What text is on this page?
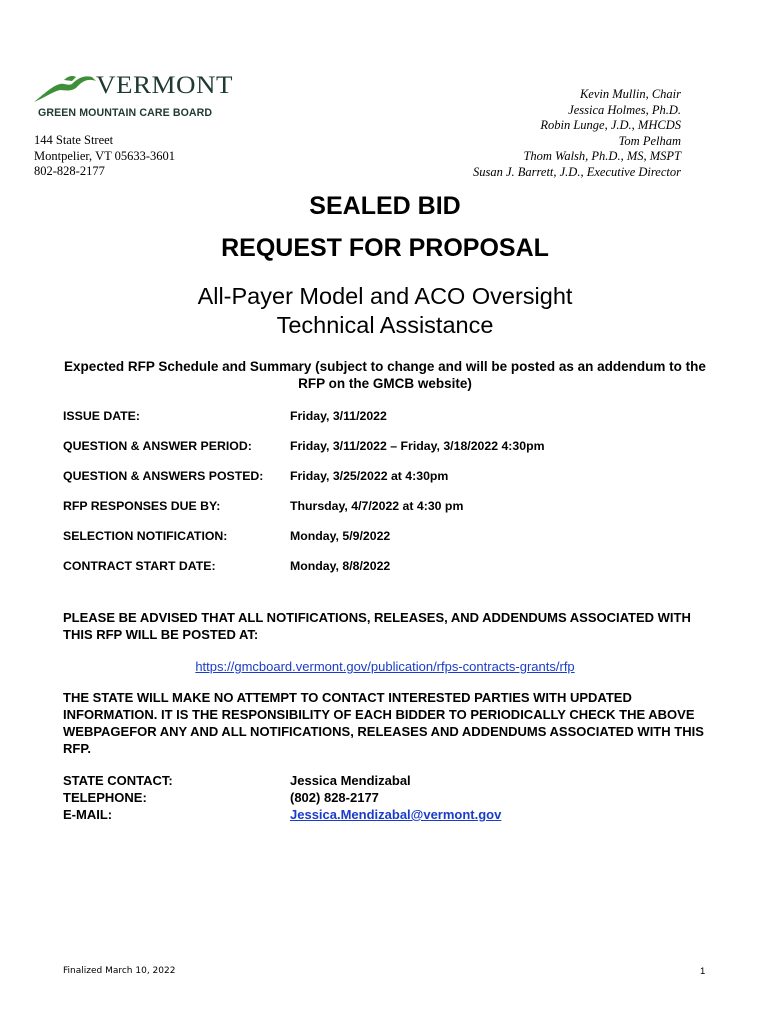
VERMONT
GREEN MOUNTAIN CARE BOARD
144 State Street
Montpelier, VT 05633-3601
802-828-2177
Kevin Mullin, Chair
Jessica Holmes, Ph.D.
Robin Lunge, J.D., MHCDS
Tom Pelham
Thom Walsh, Ph.D., MS, MSPT
Susan J. Barrett, J.D., Executive Director
SEALED BID
REQUEST FOR PROPOSAL
All-Payer Model and ACO Oversight
Technical Assistance
Expected RFP Schedule and Summary (subject to change and will be posted as an addendum to the RFP on the GMCB website)
ISSUE DATE:	Friday, 3/11/2022
QUESTION & ANSWER PERIOD:	Friday, 3/11/2022 – Friday, 3/18/2022 4:30pm
QUESTION & ANSWERS POSTED: Friday, 3/25/2022 at 4:30pm
RFP RESPONSES DUE BY:	Thursday, 4/7/2022 at 4:30 pm
SELECTION NOTIFICATION:	Monday, 5/9/2022
CONTRACT START DATE:	Monday, 8/8/2022
PLEASE BE ADVISED THAT ALL NOTIFICATIONS, RELEASES, AND ADDENDUMS ASSOCIATED WITH THIS RFP WILL BE POSTED AT:
https://gmcboard.vermont.gov/publication/rfps-contracts-grants/rfp
THE STATE WILL MAKE NO ATTEMPT TO CONTACT INTERESTED PARTIES WITH UPDATED INFORMATION. IT IS THE RESPONSIBILITY OF EACH BIDDER TO PERIODICALLY CHECK THE ABOVE WEBPAGEFOR ANY AND ALL NOTIFICATIONS, RELEASES AND ADDENDUMS ASSOCIATED WITH THIS RFP.
STATE CONTACT:	Jessica Mendizabal
TELEPHONE:	(802) 828-2177
E-MAIL:	Jessica.Mendizabal@vermont.gov
Finalized March 10, 2022	1
